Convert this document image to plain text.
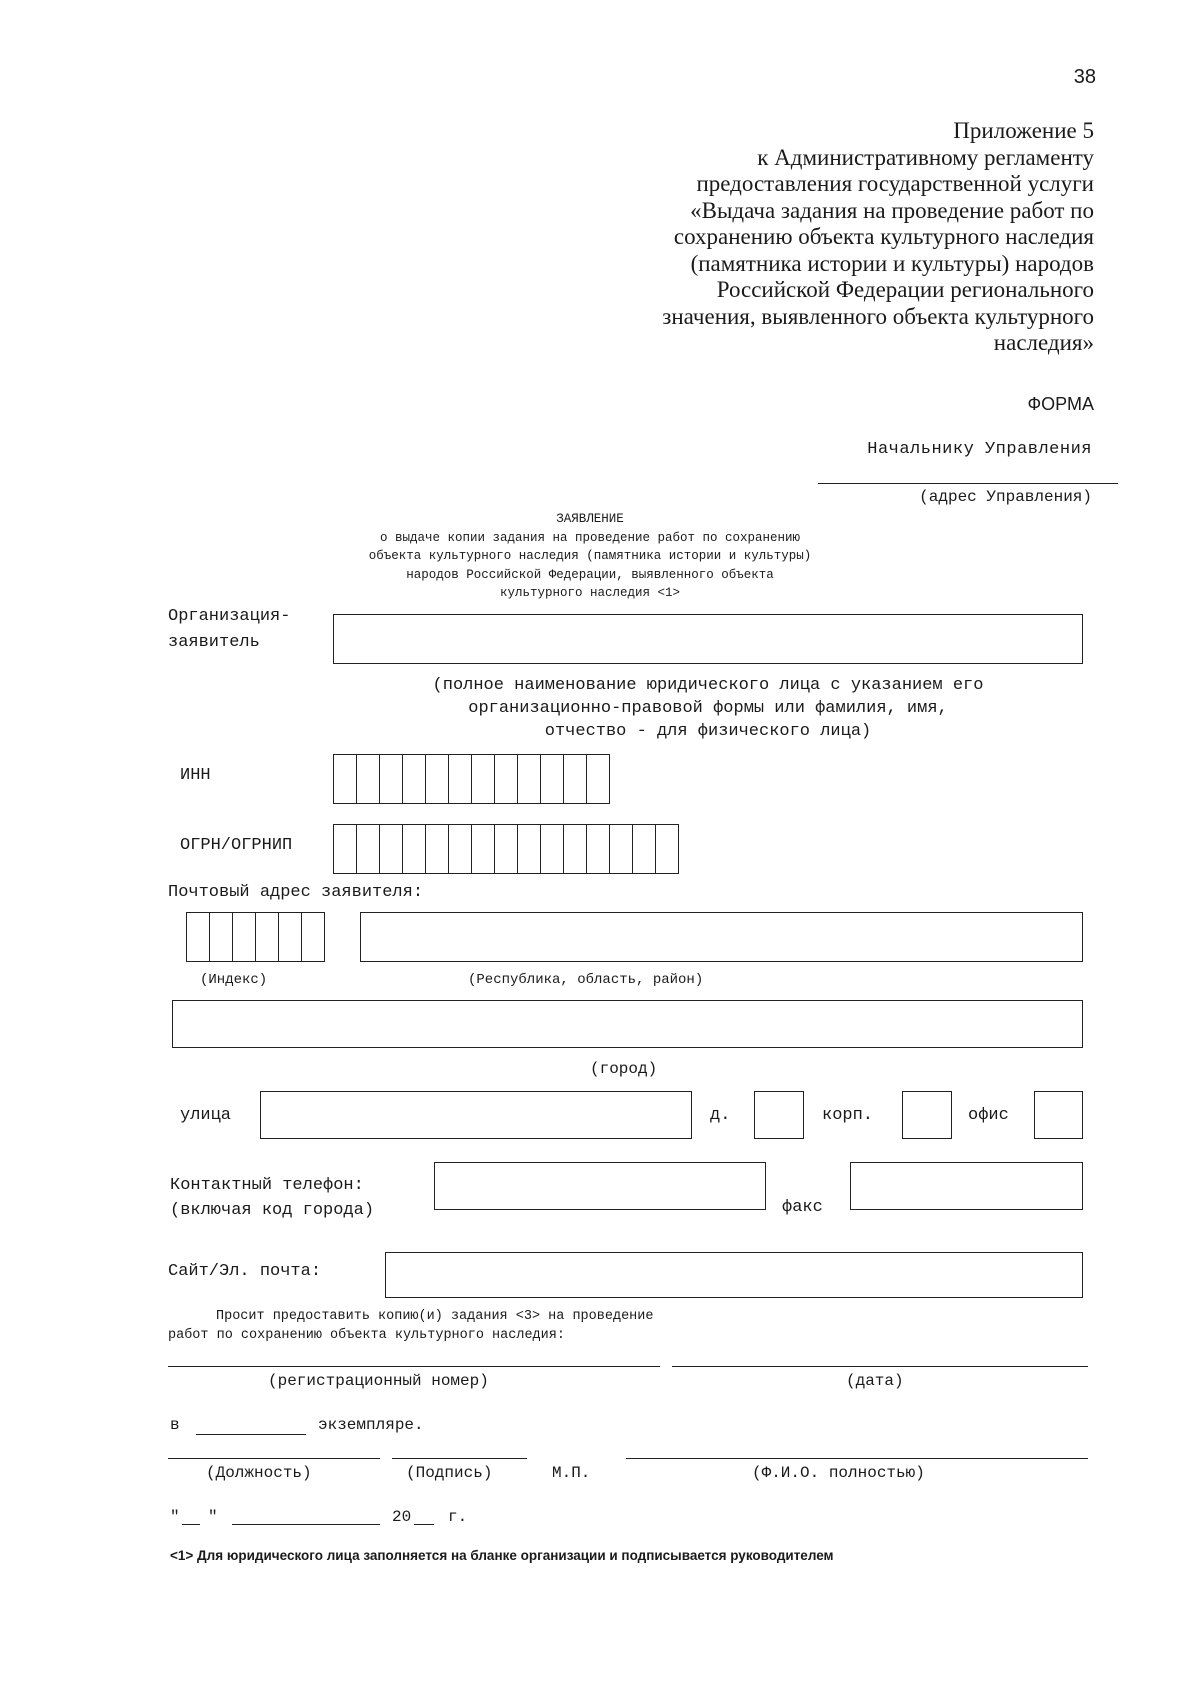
38
Приложение 5
к Административному регламенту
предоставления государственной услуги
«Выдача задания на проведение работ по
сохранению объекта культурного наследия
(памятника истории и культуры) народов
Российской Федерации регионального
значения, выявленного объекта культурного
наследия»
ФОРМА
Начальнику Управления
(адрес Управления)
ЗАЯВЛЕНИЕ
о выдаче копии задания на проведение работ по сохранению
объекта культурного наследия (памятника истории и культуры)
народов Российской Федерации, выявленного объекта
культурного наследия <1>
Организация-
заявитель
(полное наименование юридического лица с указанием его
организационно-правовой формы или фамилия, имя,
отчество - для физического лица)
ИНН
ОГРН/ОГРНИП
Почтовый адрес заявителя:
(Индекс)	(Республика, область, район)
(город)
улица	д.	корп.	офис
Контактный телефон:
(включая код города)	факс
Сайт/Эл. почта:
Просит предоставить копию(и) задания <3> на проведение
работ по сохранению объекта культурного наследия:
(регистрационный номер)	(дата)
в	экземпляре.
(Должность)	(Подпись)	М.П.	(Ф.И.О. полностью)
" "	20 г.
<1> Для юридического лица заполняется на бланке организации и подписывается руководителем
